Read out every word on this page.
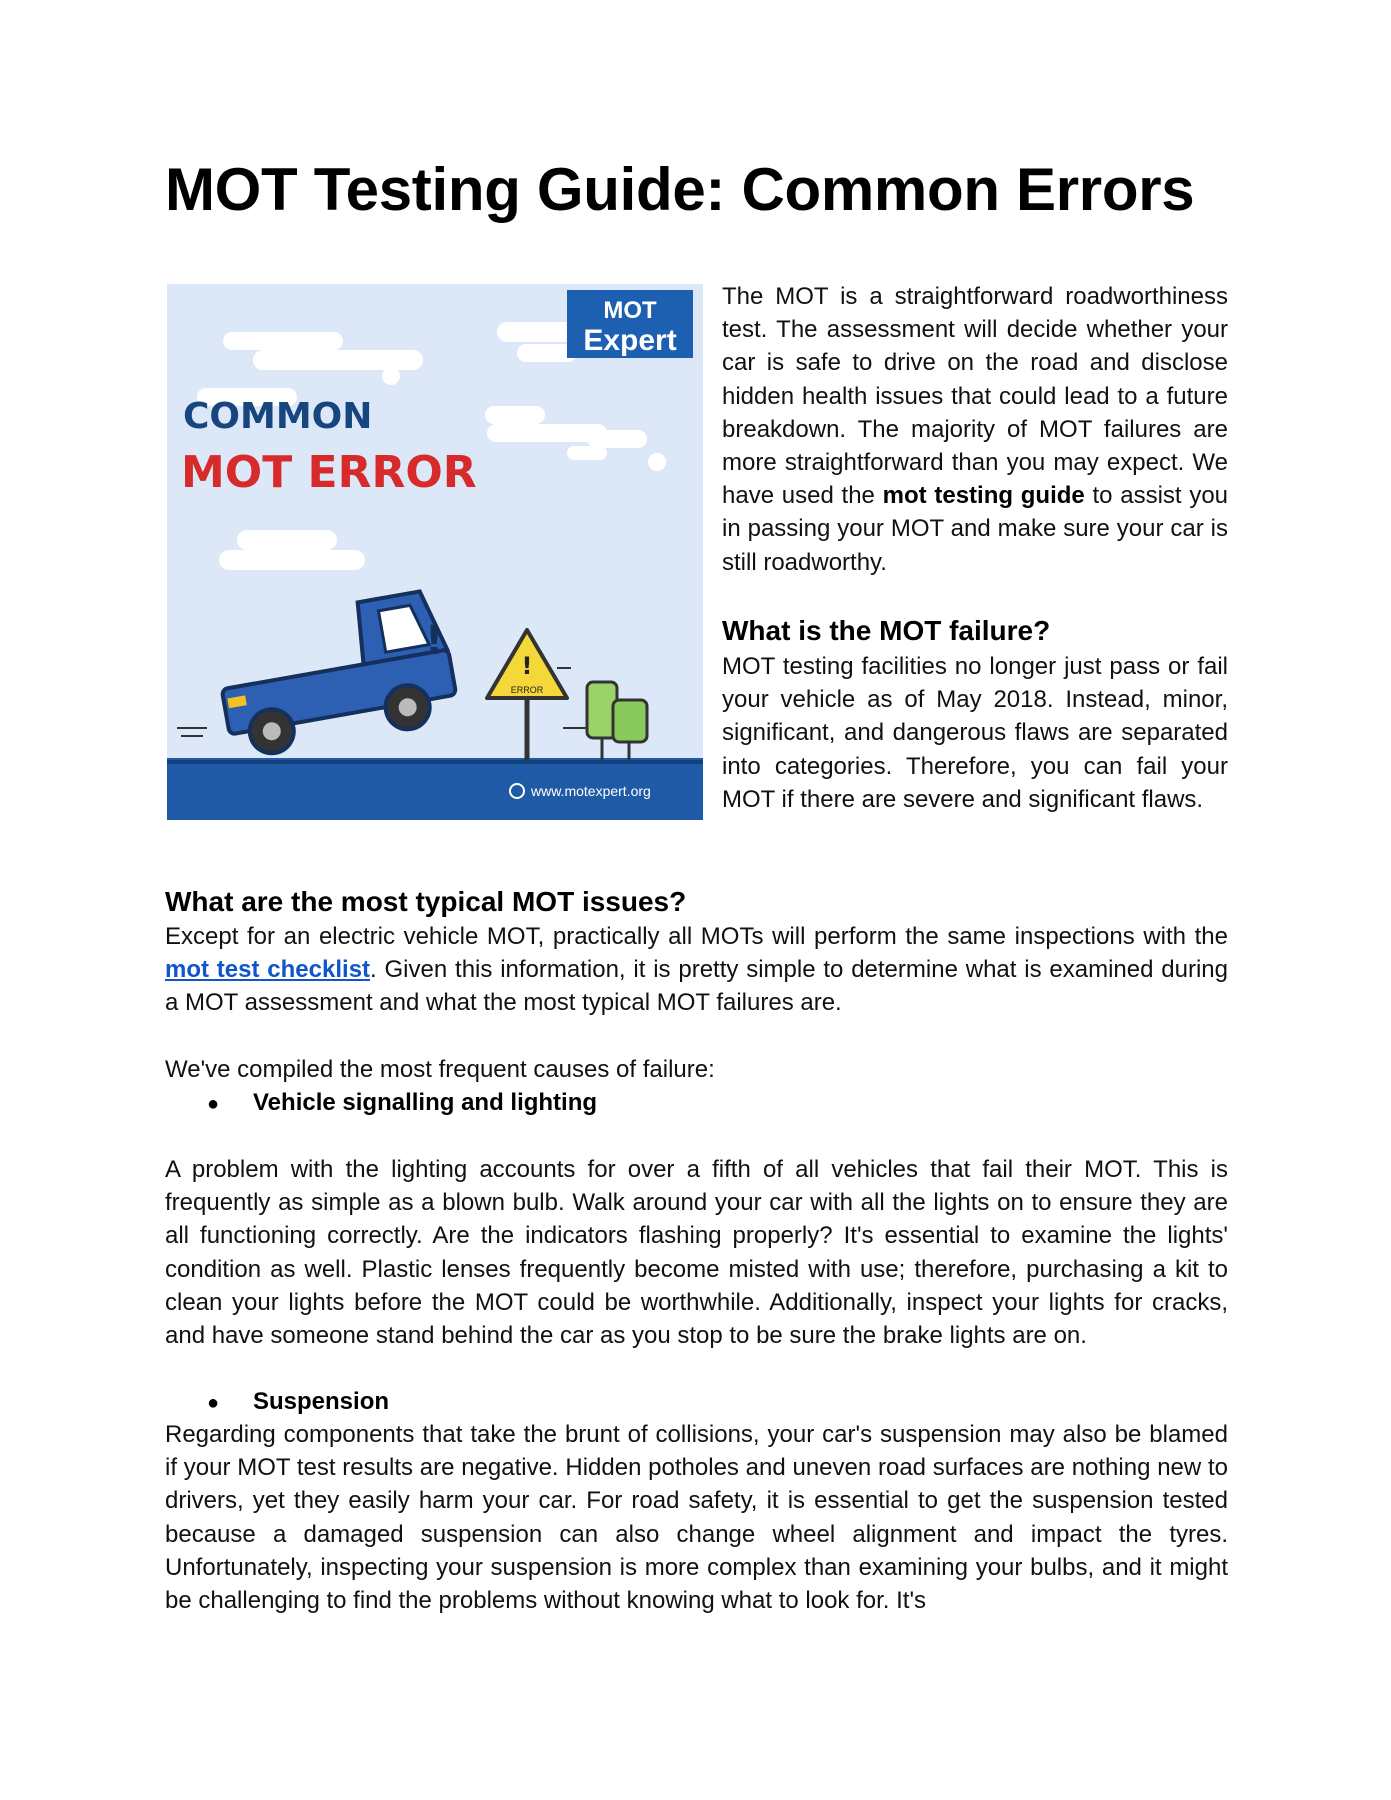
MOT Testing Guide: Common Errors
MOT
Expert
COMMON
MOT ERROR
!
!
ERROR
www.motexpert.org

The MOT is a straightforward roadworthiness test. The assessment will decide whether your car is safe to drive on the road and disclose hidden health issues that could lead to a future breakdown. The majority of MOT failures are more straightforward than you may expect. We have used the mot testing guide to assist you in passing your MOT and make sure your car is still roadworthy.

What is the MOT failure?

MOT testing facilities no longer just pass or fail your vehicle as of May 2018. Instead, minor, significant, and dangerous flaws are separated into categories. Therefore, you can fail your MOT if there are severe and significant flaws.

What are the most typical MOT issues?

Except for an electric vehicle MOT, practically all MOTs will perform the same inspections with the mot test checklist. Given this information, it is pretty simple to determine what is examined during a MOT assessment and what the most typical MOT failures are.

We've compiled the most frequent causes of failure:

● Vehicle signalling and lighting

A problem with the lighting accounts for over a fifth of all vehicles that fail their MOT. This is frequently as simple as a blown bulb. Walk around your car with all the lights on to ensure they are all functioning correctly. Are the indicators flashing properly? It's essential to examine the lights' condition as well. Plastic lenses frequently become misted with use; therefore, purchasing a kit to clean your lights before the MOT could be worthwhile. Additionally, inspect your lights for cracks, and have someone stand behind the car as you stop to be sure the brake lights are on.

● Suspension

Regarding components that take the brunt of collisions, your car's suspension may also be blamed if your MOT test results are negative. Hidden potholes and uneven road surfaces are nothing new to drivers, yet they easily harm your car. For road safety, it is essential to get the suspension tested because a damaged suspension can also change wheel alignment and impact the tyres. Unfortunately, inspecting your suspension is more complex than examining your bulbs, and it might be challenging to find the problems without knowing what to look for. It's
